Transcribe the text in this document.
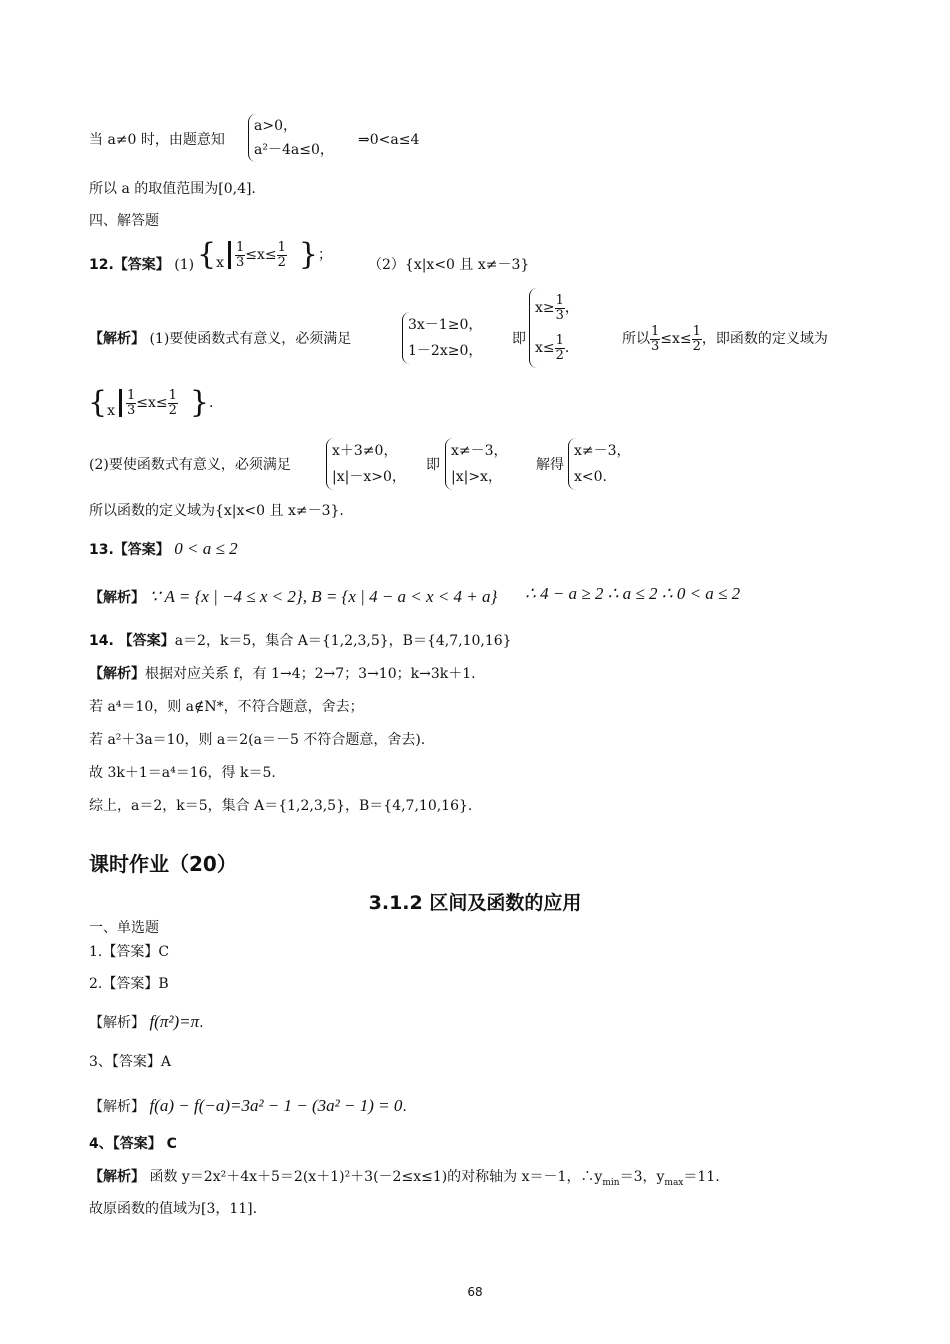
当 a≠0 时，由题意知
a>0，
a²－4a≤0，
⇒0<a≤4
所以 a 的取值范围为[0,4].
四、解答题
12.【答案】 (1) {$x \frac{1}{3} \le x\le \frac{1}{2}$ }；
（2）{x|x<0 且 x≠－3}
【解析】 (1)要使函数式有意义，必须满足
3x－1≥0，
1－2x≥0，
即
$x\ge \frac{1}{3}$ ，
$x\le \frac{1}{2}$ .
所以 $\frac{1}{3} \le x\le \frac{1}{2}$ ，即函数的定义域为
{$x \frac{1}{3} \le x\le \frac{1}{2}$ }.
(2)要使函数式有意义，必须满足
x＋3≠0，
|x|－x>0，
即
x≠－3，
|x|>x，
解得
x≠－3，
x<0.
所以函数的定义域为{x|x<0 且 x≠－3}.
13.【答案】 0 < a ≤ 2
【解析】 ∵ A = {x | −4 ≤ x < 2}, B = {x | 4 − a < x < 4 + a} ∴ 4 − a ≥ 2 ∴ a ≤ 2 ∴ 0 < a ≤ 2
14. 【答案】a＝2，k＝5，集合 A＝{1,2,3,5}，B＝{4,7,10,16}
【解析】根据对应关系 f，有 1→4；2→7；3→10；k→3k＋1.
若 a⁴＝10，则 a∉N*，不符合题意，舍去；
若 a²＋3a＝10，则 a＝2(a＝－5 不符合题意，舍去).
故 3k＋1＝a⁴＝16，得 k＝5.
综上，a＝2，k＝5，集合 A＝{1,2,3,5}，B＝{4,7,10,16}.
课时作业（20）
3.1.2 区间及函数的应用
一、单选题
1.【答案】C
2.【答案】B
【解析】 f(π²)=π.
3、【答案】A
【解析】 f(a) − f(−a)=3a² − 1 − (3a² − 1) = 0.
4、【答案】 C
【解析】 函数 y＝2x²＋4x＋5＝2(x＋1)²＋3(－2≤x≤1)的对称轴为 x＝－1，$\therefore y_{min}=3$，$y_{max}=11$.
故原函数的值域为[3，11].
68
